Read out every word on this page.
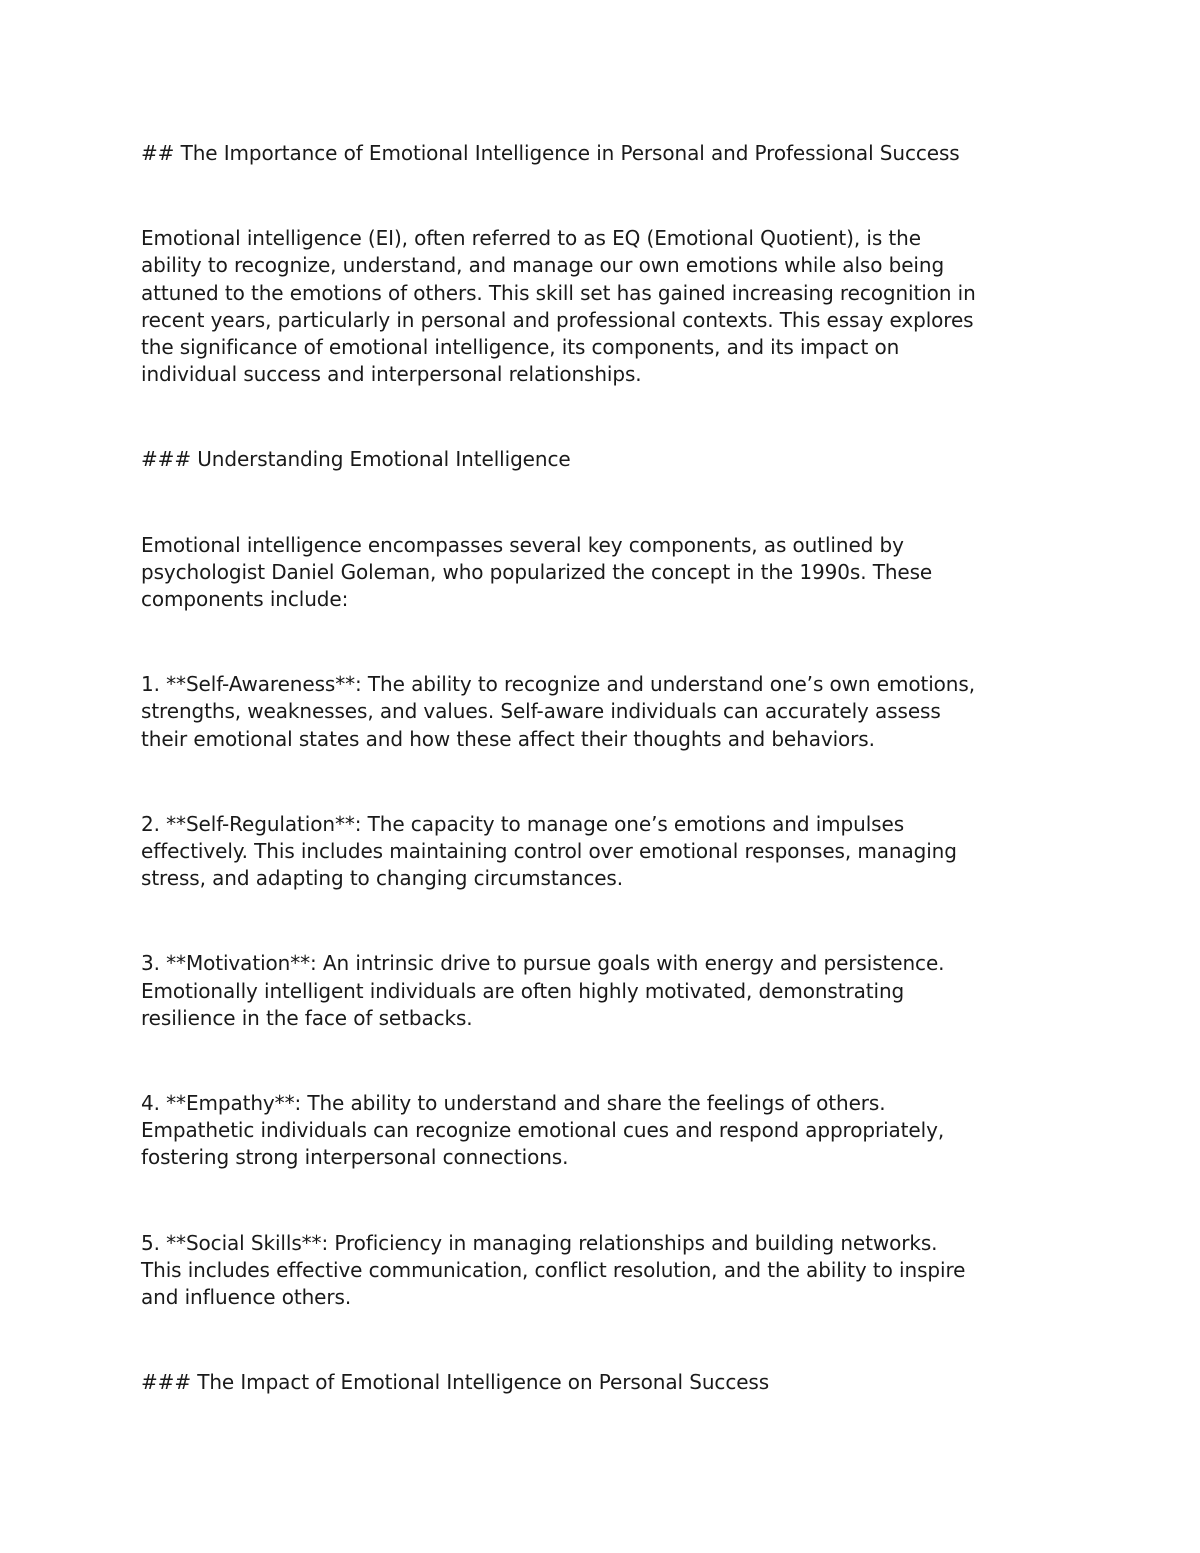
## The Importance of Emotional Intelligence in Personal and Professional Success
Emotional intelligence (EI), often referred to as EQ (Emotional Quotient), is the
ability to recognize, understand, and manage our own emotions while also being
attuned to the emotions of others. This skill set has gained increasing recognition in
recent years, particularly in personal and professional contexts. This essay explores
the significance of emotional intelligence, its components, and its impact on
individual success and interpersonal relationships.
### Understanding Emotional Intelligence
Emotional intelligence encompasses several key components, as outlined by
psychologist Daniel Goleman, who popularized the concept in the 1990s. These
components include:
1. **Self-Awareness**: The ability to recognize and understand one’s own emotions,
strengths, weaknesses, and values. Self-aware individuals can accurately assess
their emotional states and how these affect their thoughts and behaviors.
2. **Self-Regulation**: The capacity to manage one’s emotions and impulses
effectively. This includes maintaining control over emotional responses, managing
stress, and adapting to changing circumstances.
3. **Motivation**: An intrinsic drive to pursue goals with energy and persistence.
Emotionally intelligent individuals are often highly motivated, demonstrating
resilience in the face of setbacks.
4. **Empathy**: The ability to understand and share the feelings of others.
Empathetic individuals can recognize emotional cues and respond appropriately,
fostering strong interpersonal connections.
5. **Social Skills**: Proficiency in managing relationships and building networks.
This includes effective communication, conflict resolution, and the ability to inspire
and influence others.
### The Impact of Emotional Intelligence on Personal Success
